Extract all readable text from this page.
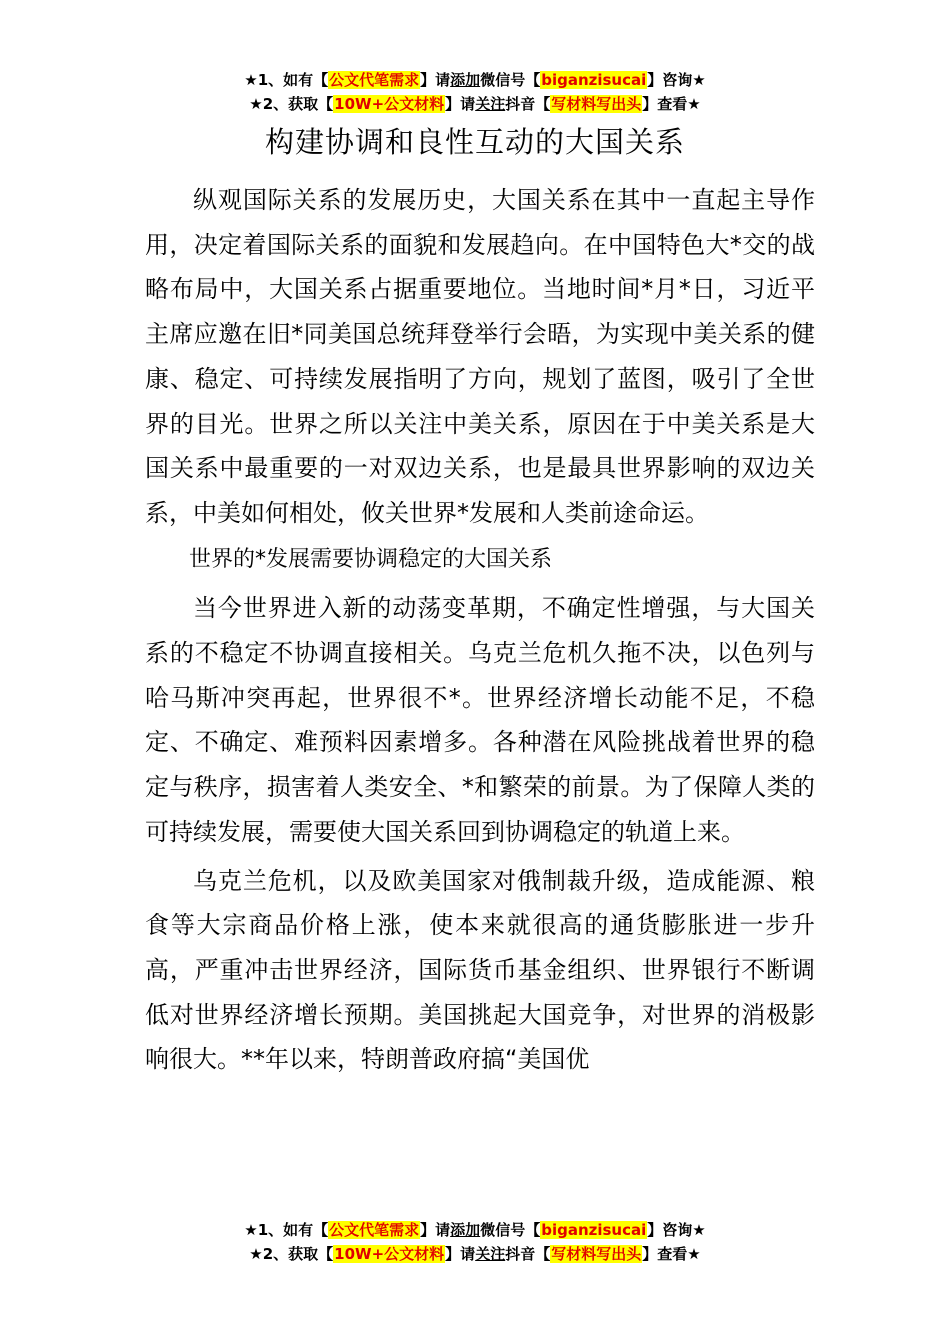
★1、如有【公文代笔需求】请添加微信号【biganzisucai】咨询★
★2、获取【10W+公文材料】请关注抖音【写材料写出头】查看★
构建协调和良性互动的大国关系

纵观国际关系的发展历史，大国关系在其中一直起主导作用，决定着国际关系的面貌和发展趋向。在中国特色大*交的战略布局中，大国关系占据重要地位。当地时间*月*日，习近平主席应邀在旧*同美国总统拜登举行会晤，为实现中美关系的健康、稳定、可持续发展指明了方向，规划了蓝图，吸引了全世界的目光。世界之所以关注中美关系，原因在于中美关系是大国关系中最重要的一对双边关系，也是最具世界影响的双边关系，中美如何相处，攸关世界*发展和人类前途命运。

世界的*发展需要协调稳定的大国关系

当今世界进入新的动荡变革期，不确定性增强，与大国关系的不稳定不协调直接相关。乌克兰危机久拖不决，以色列与哈马斯冲突再起，世界很不*。世界经济增长动能不足，不稳定、不确定、难预料因素增多。各种潜在风险挑战着世界的稳定与秩序，损害着人类安全、*和繁荣的前景。为了保障人类的可持续发展，需要使大国关系回到协调稳定的轨道上来。

乌克兰危机，以及欧美国家对俄制裁升级，造成能源、粮食等大宗商品价格上涨，使本来就很高的通货膨胀进一步升高，严重冲击世界经济，国际货币基金组织、世界银行不断调低对世界经济增长预期。美国挑起大国竞争，对世界的消极影响很大。**年以来，特朗普政府搞“美国优

★1、如有【公文代笔需求】请添加微信号【biganzisucai】咨询★
★2、获取【10W+公文材料】请关注抖音【写材料写出头】查看★
